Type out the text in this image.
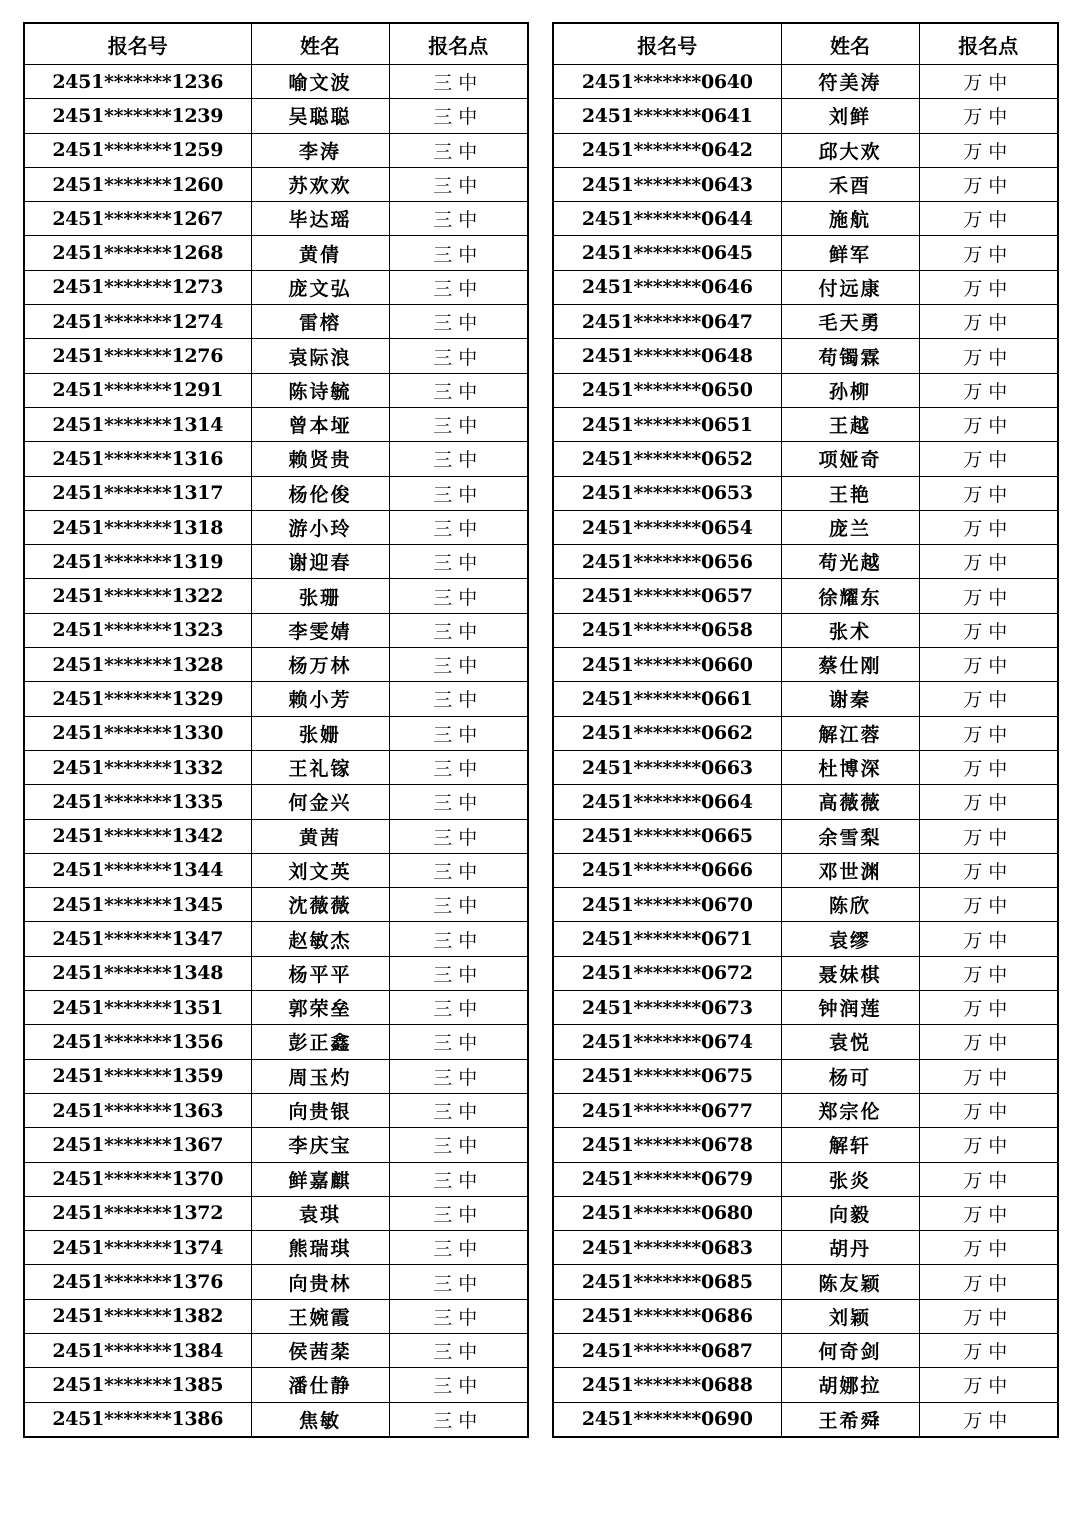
报名号	姓名	报名点
2451*******1236	喻文波	三中
2451*******1239	吴聪聪	三中
2451*******1259	李涛	三中
2451*******1260	苏欢欢	三中
2451*******1267	毕达瑶	三中
2451*******1268	黄倩	三中
2451*******1273	庞文弘	三中
2451*******1274	雷榕	三中
2451*******1276	袁际浪	三中
2451*******1291	陈诗毓	三中
2451*******1314	曾本垭	三中
2451*******1316	赖贤贵	三中
2451*******1317	杨伦俊	三中
2451*******1318	游小玲	三中
2451*******1319	谢迎春	三中
2451*******1322	张珊	三中
2451*******1323	李雯婧	三中
2451*******1328	杨万林	三中
2451*******1329	赖小芳	三中
2451*******1330	张姗	三中
2451*******1332	王礼镓	三中
2451*******1335	何金兴	三中
2451*******1342	黄茜	三中
2451*******1344	刘文英	三中
2451*******1345	沈薇薇	三中
2451*******1347	赵敏杰	三中
2451*******1348	杨平平	三中
2451*******1351	郭荣垒	三中
2451*******1356	彭正鑫	三中
2451*******1359	周玉灼	三中
2451*******1363	向贵银	三中
2451*******1367	李庆宝	三中
2451*******1370	鲜嘉麒	三中
2451*******1372	袁琪	三中
2451*******1374	熊瑞琪	三中
2451*******1376	向贵林	三中
2451*******1382	王婉霞	三中
2451*******1384	侯茜棻	三中
2451*******1385	潘仕静	三中
2451*******1386	焦敏	三中
报名号	姓名	报名点
2451*******0640	符美涛	万中
2451*******0641	刘鲜	万中
2451*******0642	邱大欢	万中
2451*******0643	禾酉	万中
2451*******0644	施航	万中
2451*******0645	鲜军	万中
2451*******0646	付远康	万中
2451*******0647	毛天勇	万中
2451*******0648	苟镯霖	万中
2451*******0650	孙柳	万中
2451*******0651	王越	万中
2451*******0652	项娅奇	万中
2451*******0653	王艳	万中
2451*******0654	庞兰	万中
2451*******0656	苟光越	万中
2451*******0657	徐耀东	万中
2451*******0658	张术	万中
2451*******0660	蔡仕刚	万中
2451*******0661	谢秦	万中
2451*******0662	解江蓉	万中
2451*******0663	杜博深	万中
2451*******0664	高薇薇	万中
2451*******0665	余雪梨	万中
2451*******0666	邓世渊	万中
2451*******0670	陈欣	万中
2451*******0671	袁缪	万中
2451*******0672	聂妹棋	万中
2451*******0673	钟润莲	万中
2451*******0674	袁悦	万中
2451*******0675	杨可	万中
2451*******0677	郑宗伦	万中
2451*******0678	解轩	万中
2451*******0679	张炎	万中
2451*******0680	向毅	万中
2451*******0683	胡丹	万中
2451*******0685	陈友颖	万中
2451*******0686	刘颖	万中
2451*******0687	何奇剑	万中
2451*******0688	胡娜拉	万中
2451*******0690	王希舜	万中
